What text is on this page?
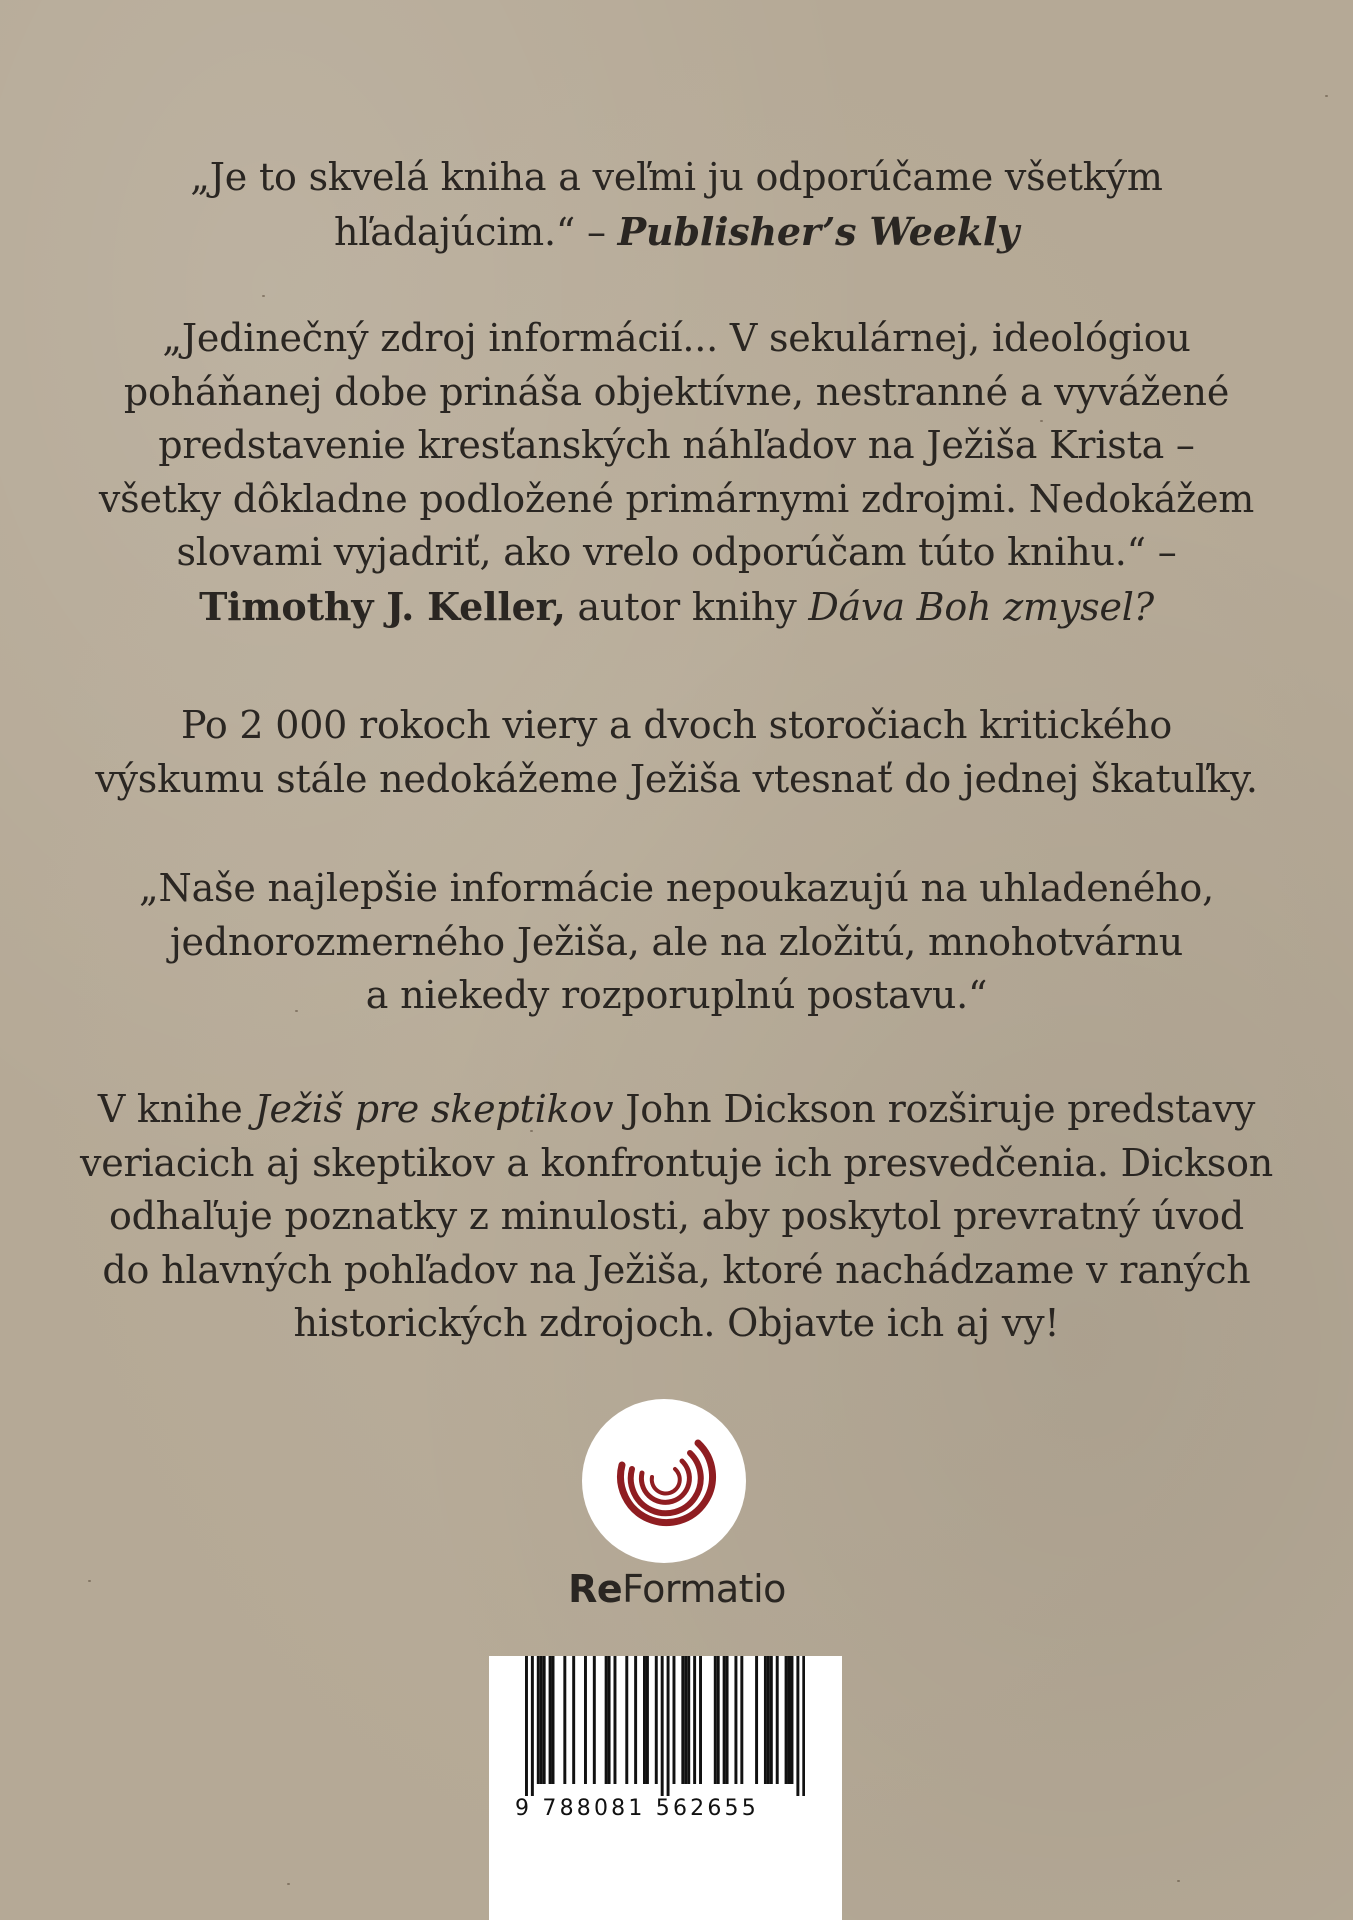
„Je to skvelá kniha a veľmi ju odporúčame všetkým
hľadajúcim.“ – Publisher’s Weekly
„Jedinečný zdroj informácií... V sekulárnej, ideológiou
poháňanej dobe prináša objektívne, nestranné a vyvážené
predstavenie kresťanských náhľadov na Ježiša Krista –
všetky dôkladne podložené primárnymi zdrojmi. Nedokážem
slovami vyjadriť, ako vrelo odporúčam túto knihu.“ –
Timothy J. Keller, autor knihy Dáva Boh zmysel?
Po 2 000 rokoch viery a dvoch storočiach kritického
výskumu stále nedokážeme Ježiša vtesnať do jednej škatuľky.
„Naše najlepšie informácie nepoukazujú na uhladeného,
jednorozmerného Ježiša, ale na zložitú, mnohotvárnu
a niekedy rozporuplnú postavu.“
V knihe Ježiš pre skeptikov John Dickson rozširuje predstavy
veriacich aj skeptikov a konfrontuje ich presvedčenia. Dickson
odhaľuje poznatky z minulosti, aby poskytol prevratný úvod
do hlavných pohľadov na Ježiša, ktoré nachádzame v raných
historických zdrojoch. Objavte ich aj vy!
ReFormatio
9 788081 562655
